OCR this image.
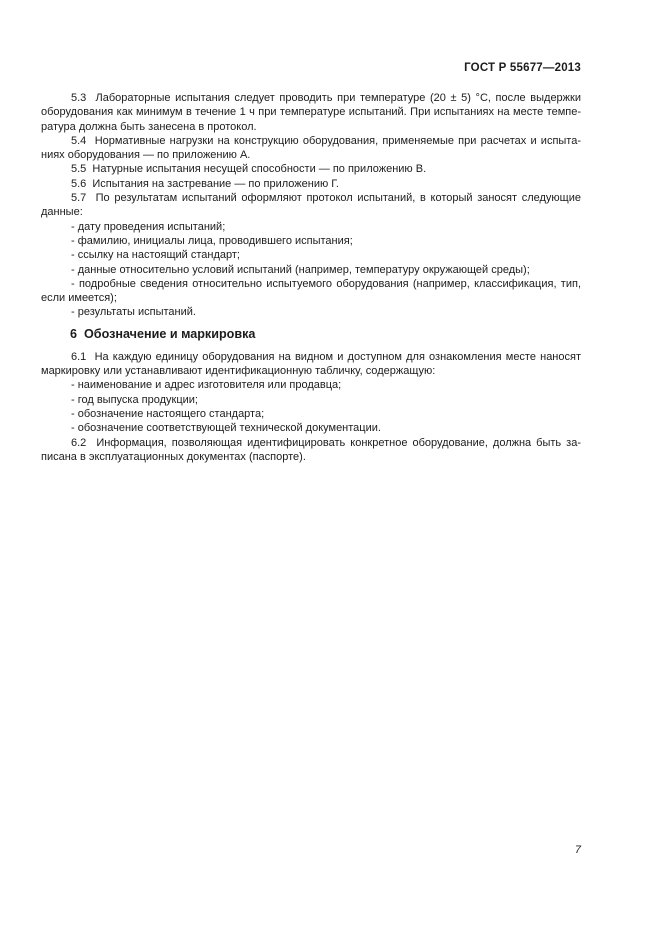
ГОСТ Р 55677—2013
5.3  Лабораторные испытания следует проводить при температуре (20 ± 5) °С, после выдержки
оборудования как минимум в течение 1 ч при температуре испытаний. При испытаниях на месте темпе-
ратура должна быть занесена в протокол.
5.4  Нормативные нагрузки на конструкцию оборудования, применяемые при расчетах и испыта-
ниях оборудования — по приложению А.
5.5  Натурные испытания несущей способности — по приложению В.
5.6  Испытания на застревание — по приложению Г.
5.7  По результатам испытаний оформляют протокол испытаний, в который заносят следующие
данные:
- дату проведения испытаний;
- фамилию, инициалы лица, проводившего испытания;
- ссылку на настоящий стандарт;
- данные относительно условий испытаний (например, температуру окружающей среды);
- подробные сведения относительно испытуемого оборудования (например, классификация, тип,
если имеется);
- результаты испытаний.
6  Обозначение и маркировка
6.1  На каждую единицу оборудования на видном и доступном для ознакомления месте наносят
маркировку или устанавливают идентификационную табличку, содержащую:
- наименование и адрес изготовителя или продавца;
- год выпуска продукции;
- обозначение настоящего стандарта;
- обозначение соответствующей технической документации.
6.2  Информация, позволяющая идентифицировать конкретное оборудование, должна быть за-
писана в эксплуатационных документах (паспорте).
7
